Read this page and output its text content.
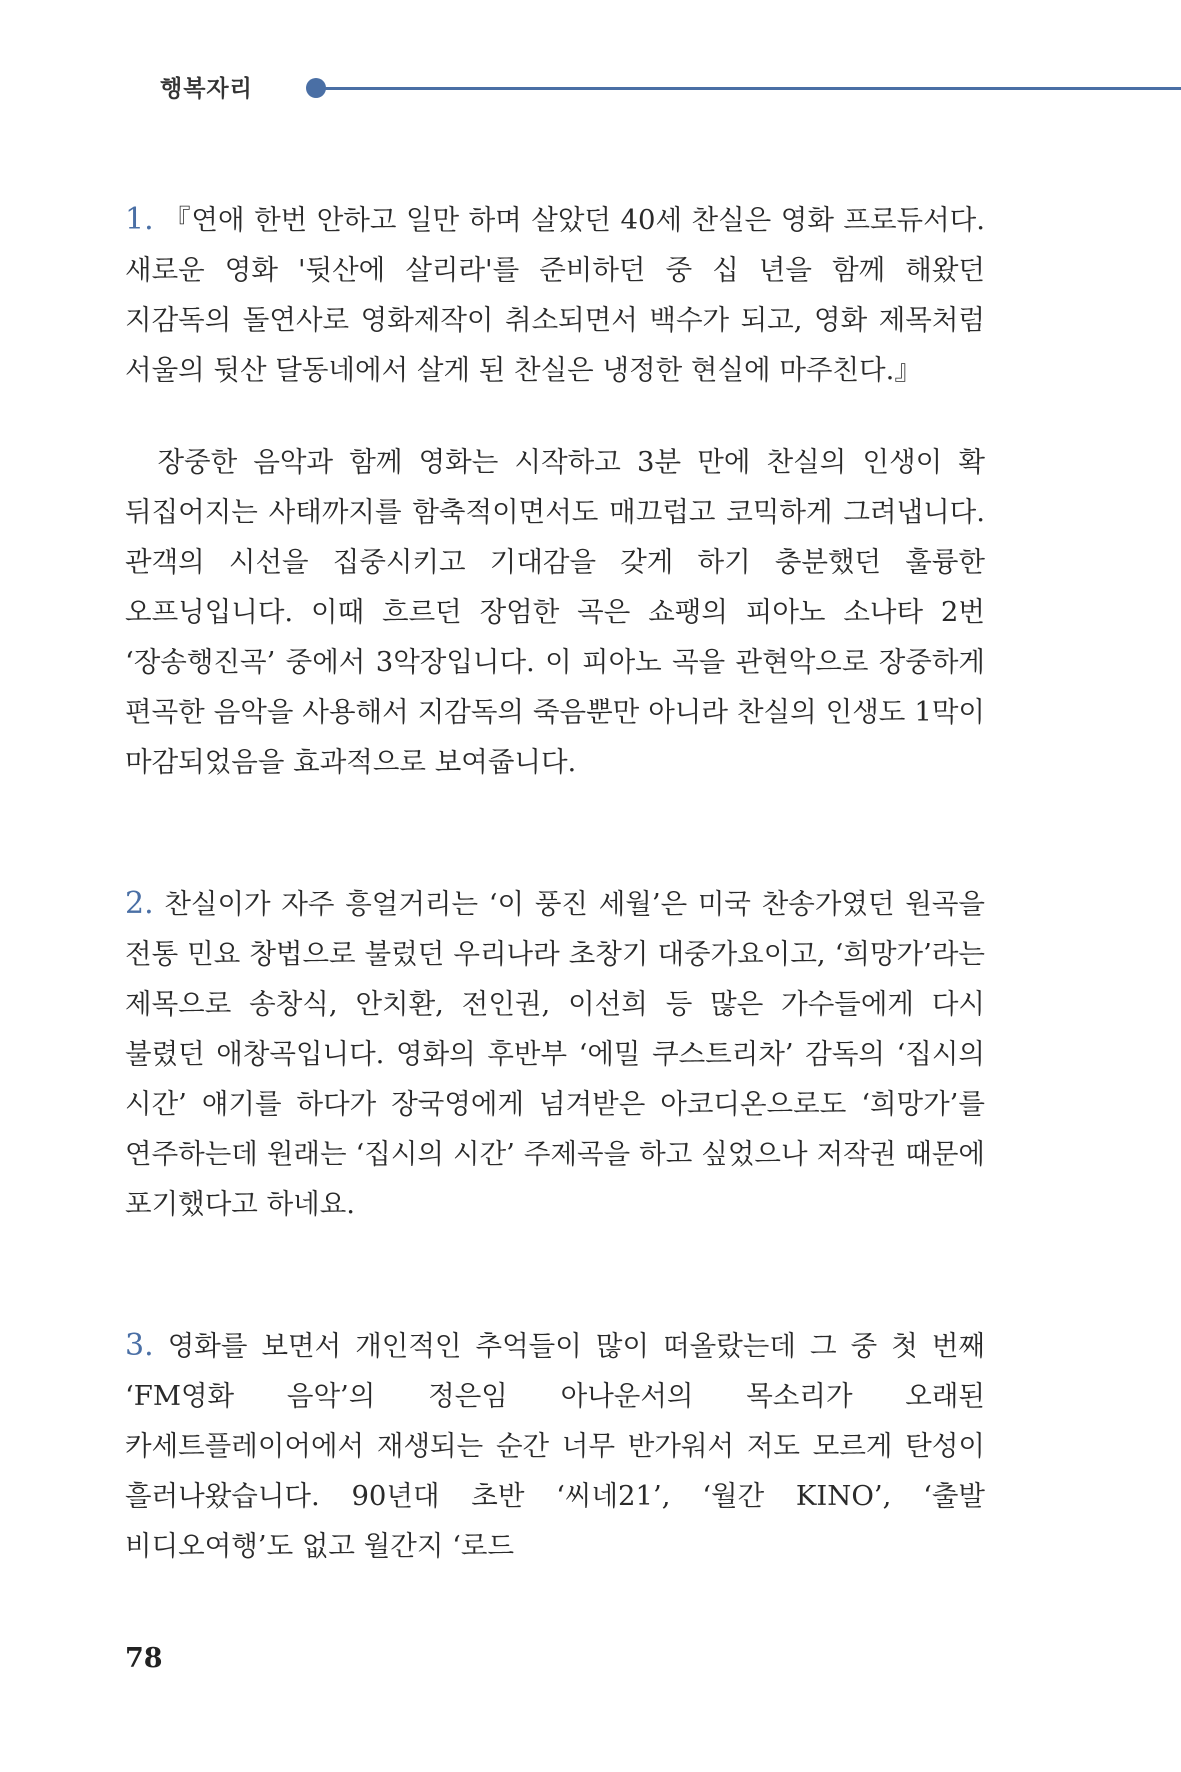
행복자리

1. 『연애 한번 안하고 일만 하며 살았던 40세 찬실은 영화 프로듀서다. 새로운 영화 '뒷산에 살리라'를 준비하던 중 십 년을 함께 해왔던 지감독의 돌연사로 영화제작이 취소되면서 백수가 되고, 영화 제목처럼 서울의 뒷산 달동네에서 살게 된 찬실은 냉정한 현실에 마주친다.』

장중한 음악과 함께 영화는 시작하고 3분 만에 찬실의 인생이 확 뒤집어지는 사태까지를 함축적이면서도 매끄럽고 코믹하게 그려냅니다. 관객의 시선을 집중시키고 기대감을 갖게 하기 충분했던 훌륭한 오프닝입니다. 이때 흐르던 장엄한 곡은 쇼팽의 피아노 소나타 2번 ‘장송행진곡’ 중에서 3악장입니다. 이 피아노 곡을 관현악으로 장중하게 편곡한 음악을 사용해서 지감독의 죽음뿐만 아니라 찬실의 인생도 1막이 마감되었음을 효과적으로 보여줍니다.

2. 찬실이가 자주 흥얼거리는 ‘이 풍진 세월’은 미국 찬송가였던 원곡을 전통 민요 창법으로 불렀던 우리나라 초창기 대중가요이고, ‘희망가’라는 제목으로 송창식, 안치환, 전인권, 이선희 등 많은 가수들에게 다시 불렸던 애창곡입니다. 영화의 후반부 ‘에밀 쿠스트리차’ 감독의 ‘집시의 시간’ 얘기를 하다가 장국영에게 넘겨받은 아코디온으로도 ‘희망가’를 연주하는데 원래는 ‘집시의 시간’ 주제곡을 하고 싶었으나 저작권 때문에 포기했다고 하네요.

3. 영화를 보면서 개인적인 추억들이 많이 떠올랐는데 그 중 첫 번째 ‘FM영화 음악’의 정은임 아나운서의 목소리가 오래된 카세트플레이어에서 재생되는 순간 너무 반가워서 저도 모르게 탄성이 흘러나왔습니다. 90년대 초반 ‘씨네21’, ‘월간 KINO’, ‘출발 비디오여행’도 없고 월간지 ‘로드

78
